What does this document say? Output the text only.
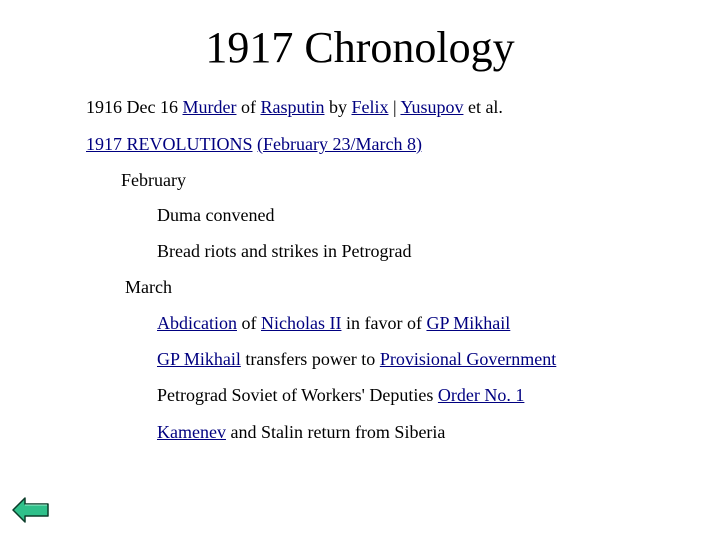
1917 Chronology
1916 Dec 16 Murder of Rasputin by Felix | Yusupov et al.
1917 REVOLUTIONS (February 23/March 8)
February
Duma convened
Bread riots and strikes in Petrograd
March
Abdication of Nicholas II in favor of GP Mikhail
GP Mikhail transfers power to Provisional Government
Petrograd Soviet of Workers' Deputies Order No. 1
Kamenev and Stalin return from Siberia
